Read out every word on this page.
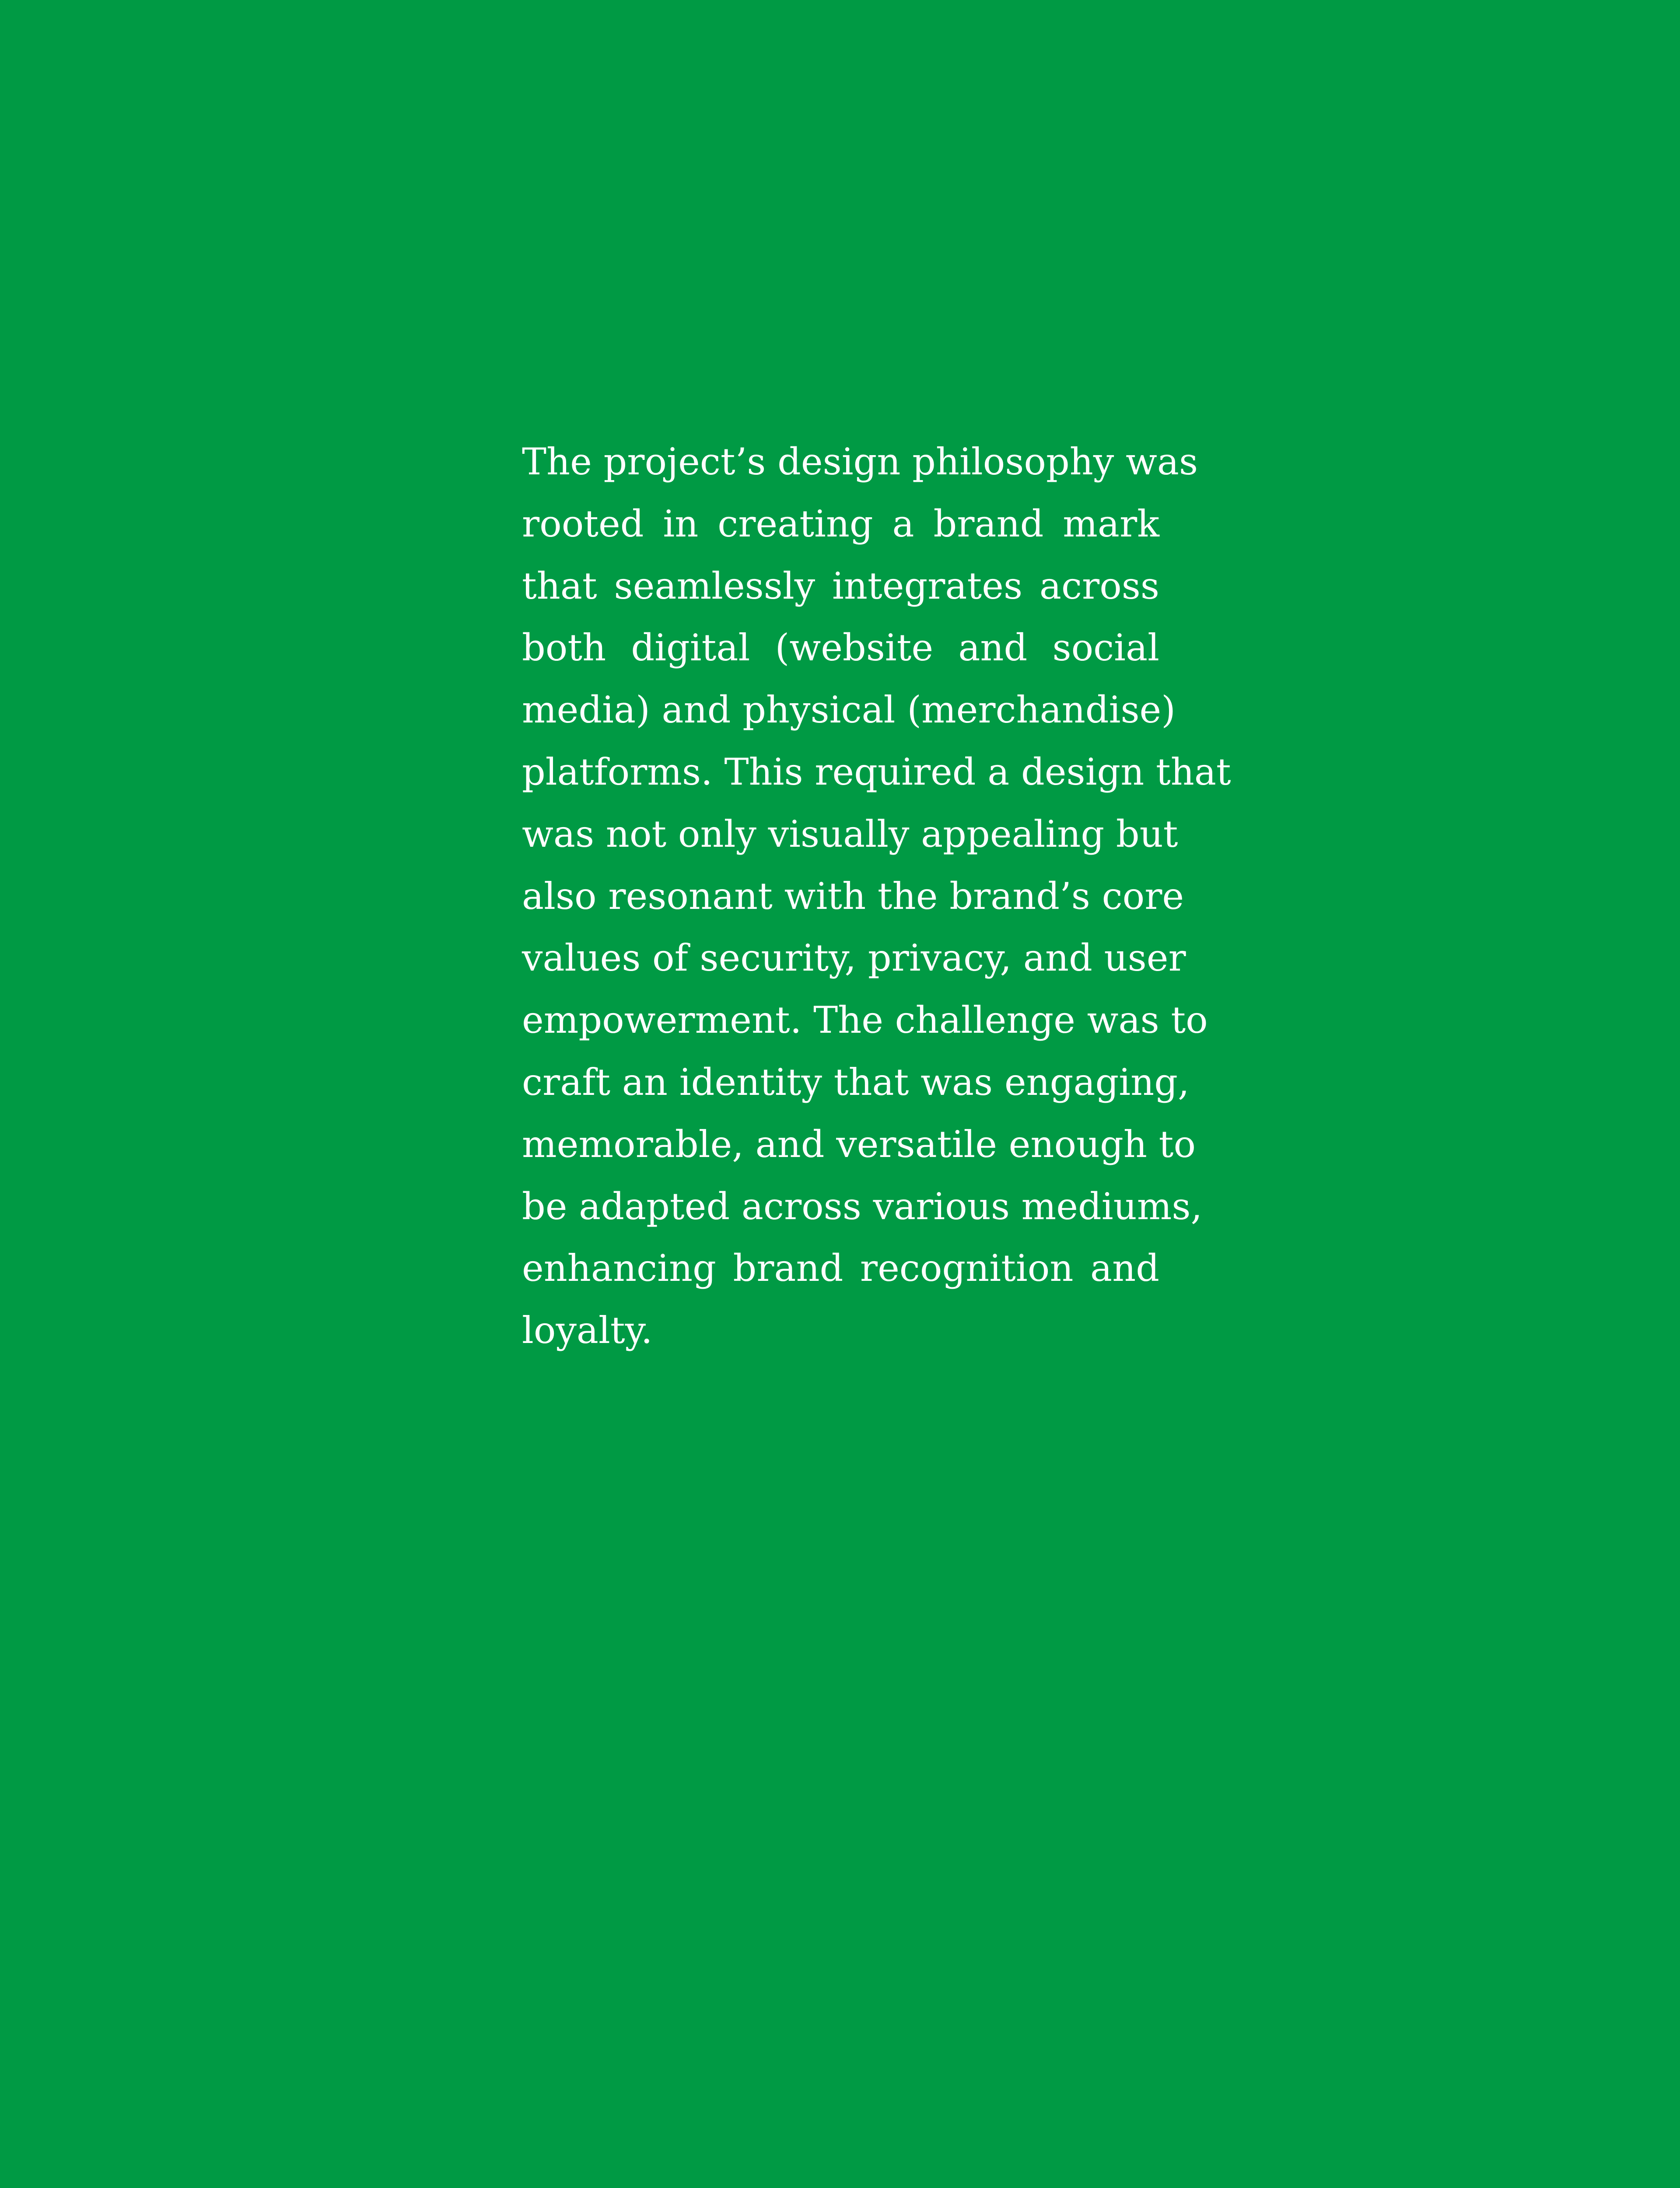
The project’s design philosophy was
rooted in creating a brand mark
that seamlessly integrates across
both digital (website and social
media) and physical (merchandise)
platforms. This required a design that
was not only visually appealing but
also resonant with the brand’s core
values of security, privacy, and user
empowerment. The challenge was to
craft an identity that was engaging,
memorable, and versatile enough to
be adapted across various mediums,
enhancing brand recognition and
loyalty.
